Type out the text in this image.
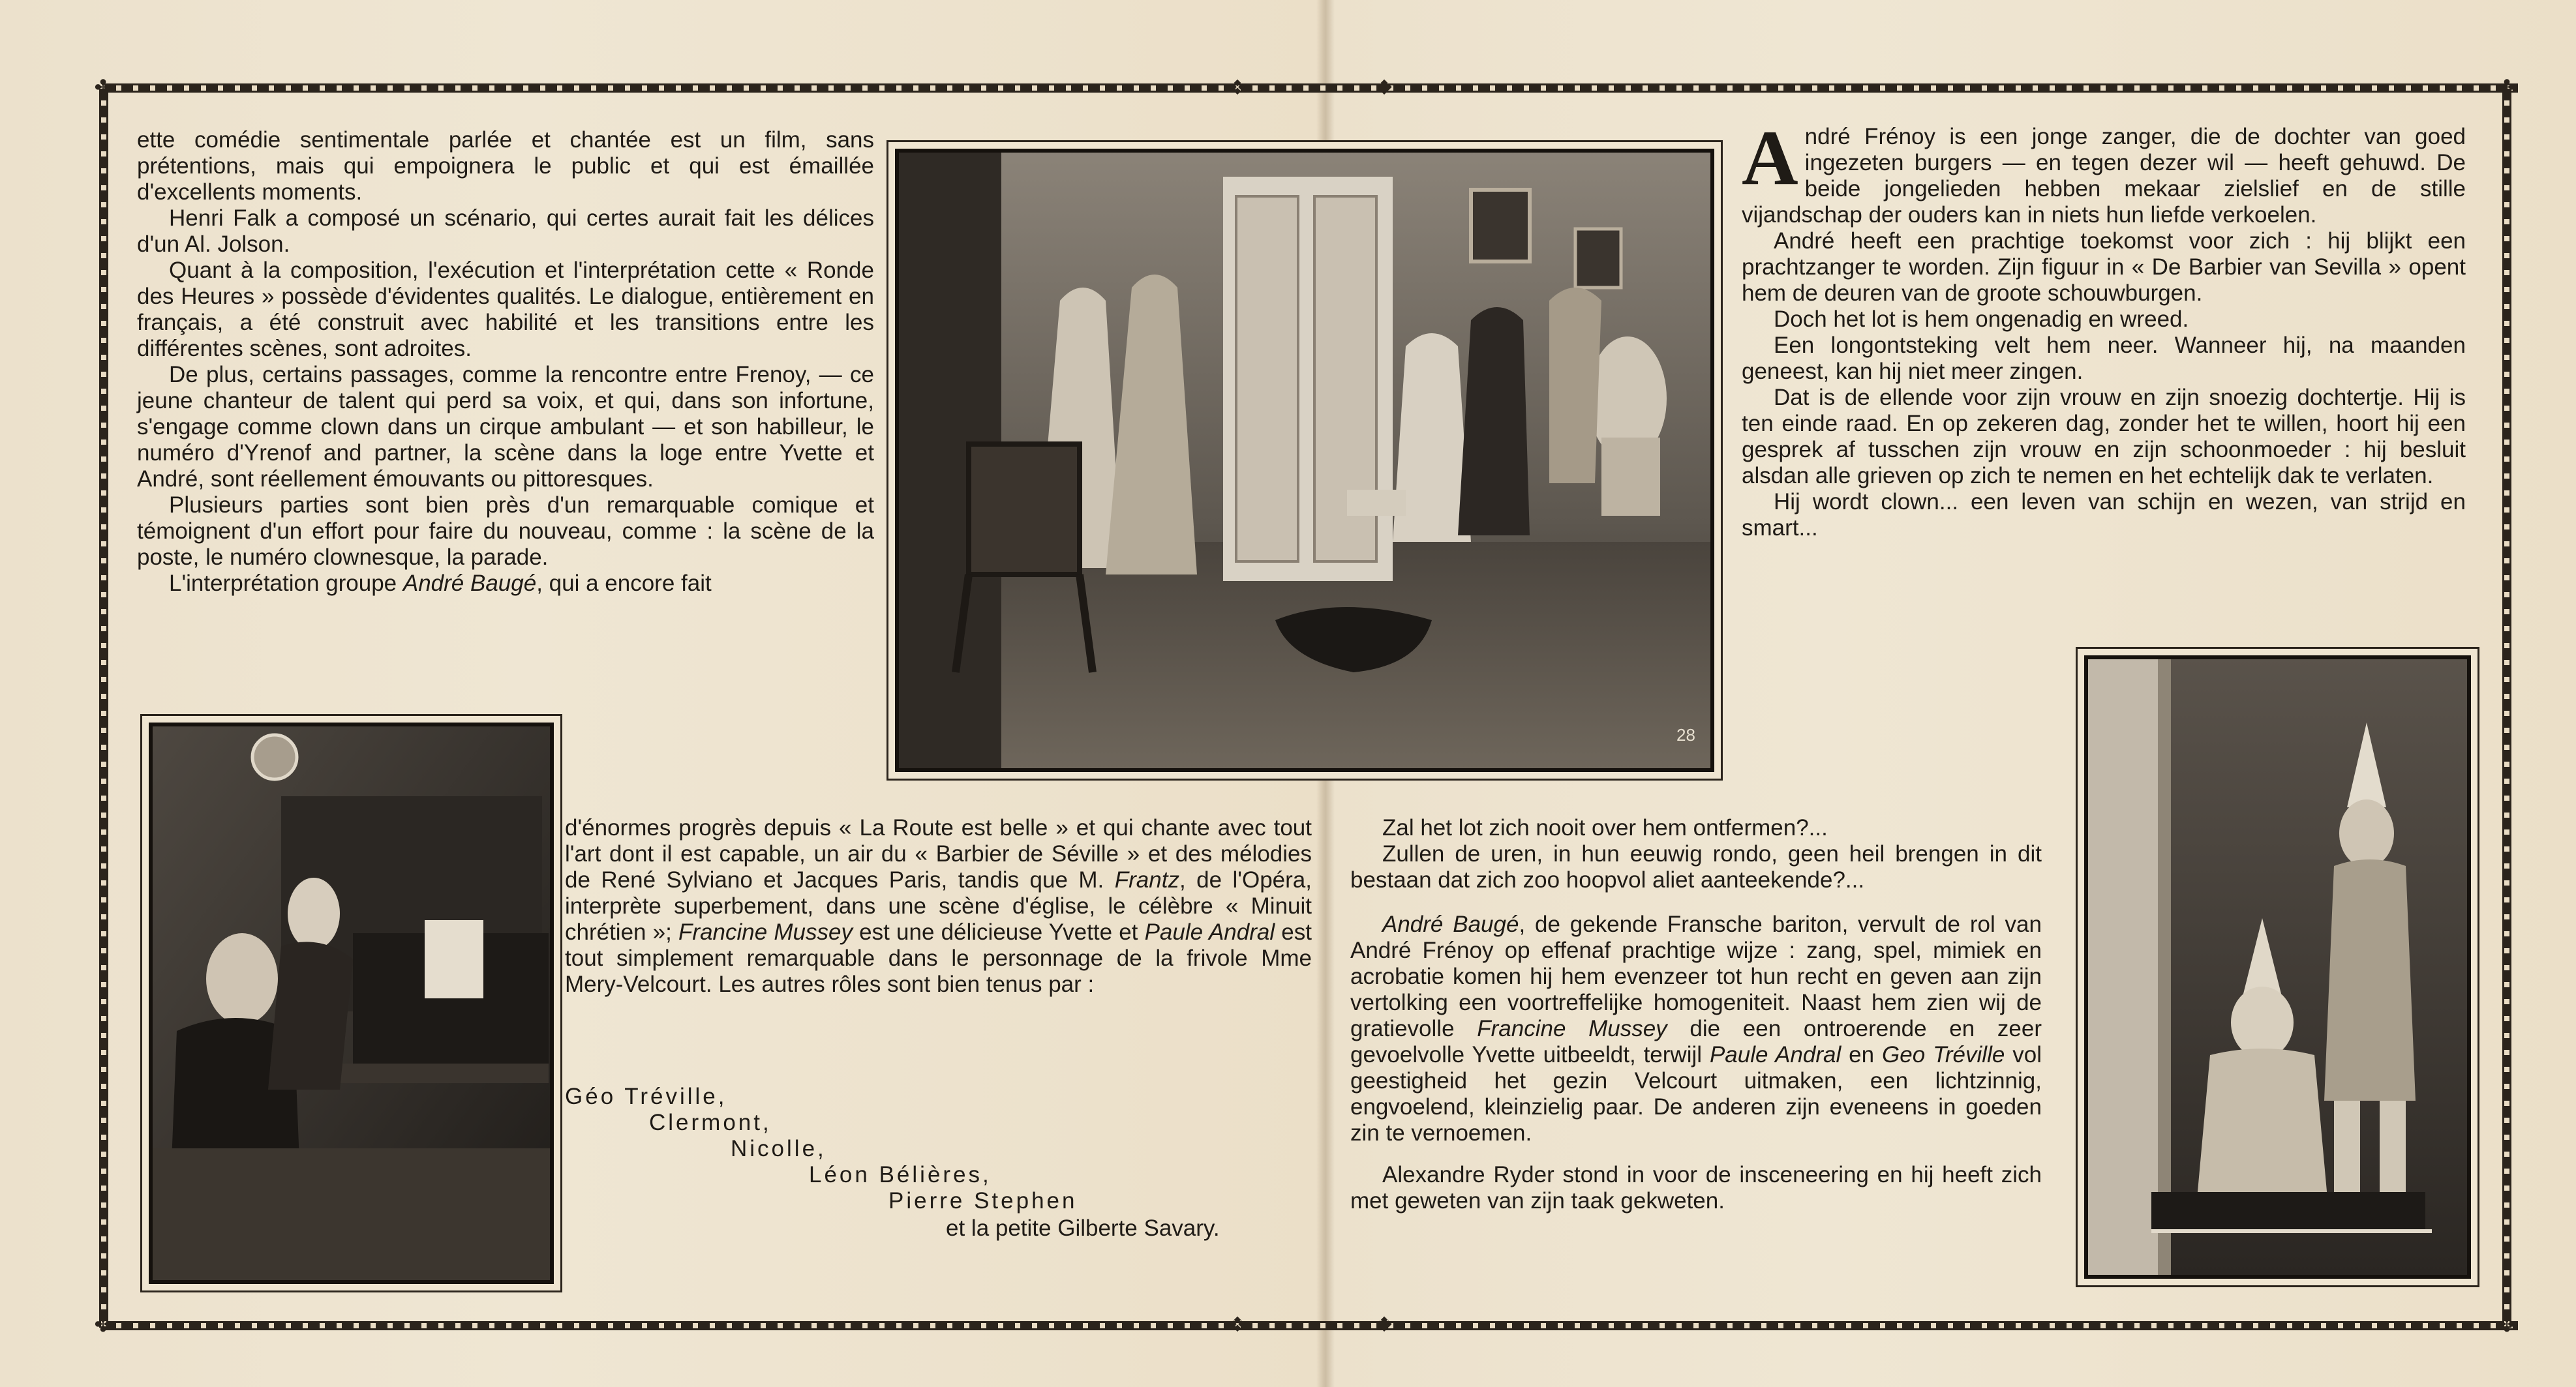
✤	✤
✤	✤
❖	❖
❖	❖

ette comédie sentimentale parlée et chantée est un film, sans prétentions, mais qui empoignera le public et qui est émaillée d'excellents moments.

Henri Falk a composé un scénario, qui certes aurait fait les délices d'un Al. Jolson.

Quant à la composition, l'exécution et l'interprétation cette « Ronde des Heures » possède d'évidentes qualités. Le dialogue, entièrement en français, a été construit avec habilité et les transitions entre les différentes scènes, sont adroites.

De plus, certains passages, comme la rencontre entre Frenoy, — ce jeune chanteur de talent qui perd sa voix, et qui, dans son infortune, s'engage comme clown dans un cirque ambulant — et son habilleur, le numéro d'Yrenof and partner, la scène dans la loge entre Yvette et André, sont réellement émouvants ou pittoresques.

Plusieurs parties sont bien près d'un remarquable comique et témoignent d'un effort pour faire du nouveau, comme : la scène de la poste, le numéro clownesque, la parade.

L'interprétation groupe André Baugé, qui a encore fait

28

d'énormes progrès depuis « La Route est belle » et qui chante avec tout l'art dont il est capable, un air du « Barbier de Séville » et des mélodies de René Sylviano et Jacques Paris, tandis que M. Frantz, de l'Opéra, interprète superbement, dans une scène d'église, le célèbre « Minuit chrétien »; Francine Mussey est une délicieuse Yvette et Paule Andral est tout simplement remarquable dans le personnage de la frivole Mme Mery-Velcourt. Les autres rôles sont bien tenus par :

Géo Tréville,
Clermont,
Nicolle,
Léon Bélières,
Pierre Stephen
et la petite Gilberte Savary.

André Frénoy is een jonge zanger, die de dochter van goed ingezeten burgers — en tegen dezer wil — heeft gehuwd. De beide jongelieden hebben mekaar zielslief en de stille vijandschap der ouders kan in niets hun liefde verkoelen.

André heeft een prachtige toekomst voor zich : hij blijkt een prachtzanger te worden. Zijn figuur in « De Barbier van Sevilla » opent hem de deuren van de groote schouwburgen.

Doch het lot is hem ongenadig en wreed.

Een longontsteking velt hem neer. Wanneer hij, na maanden geneest, kan hij niet meer zingen.

Dat is de ellende voor zijn vrouw en zijn snoezig dochtertje. Hij is ten einde raad. En op zekeren dag, zonder het te willen, hoort hij een gesprek af tusschen zijn vrouw en zijn schoonmoeder : hij besluit alsdan alle grieven op zich te nemen en het echtelijk dak te verlaten.

Hij wordt clown... een leven van schijn en wezen, van strijd en smart...

Zal het lot zich nooit over hem ontfermen?...

Zullen de uren, in hun eeuwig rondo, geen heil brengen in dit bestaan dat zich zoo hoopvol aliet aanteekende?...

André Baugé, de gekende Fransche bariton, vervult de rol van André Frénoy op effenaf prachtige wijze : zang, spel, mimiek en acrobatie komen hij hem evenzeer tot hun recht en geven aan zijn vertolking een voortreffelijke homogeniteit. Naast hem zien wij de gratievolle Francine Mussey die een ontroerende en zeer gevoelvolle Yvette uitbeeldt, terwijl Paule Andral en Geo Tréville vol geestigheid het gezin Velcourt uitmaken, een lichtzinnig, engvoelend, kleinzielig paar. De anderen zijn eveneens in goeden zin te vernoemen.

Alexandre Ryder stond in voor de insceneering en hij heeft zich met geweten van zijn taak gekweten.
